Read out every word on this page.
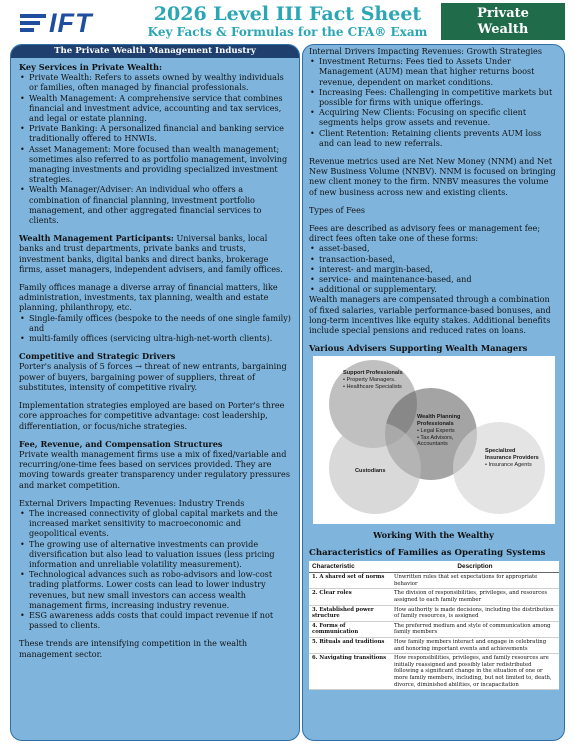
IFT	2026 Level III Fact Sheet
Key Facts & Formulas for the CFA® Exam
Private
Wealth
The Private Wealth Management Industry
Key Services in Private Wealth:
• Private Wealth: Refers to assets owned by wealthy individuals or families, often managed by financial professionals.
• Wealth Management: A comprehensive service that combines financial and investment advice, accounting and tax services, and legal or estate planning.
• Private Banking: A personalized financial and banking service traditionally offered to HNWIs.
• Asset Management: More focused than wealth management; sometimes also referred to as portfolio management, involving managing investments and providing specialized investment strategies.
• Wealth Manager/Adviser: An individual who offers a combination of financial planning, investment portfolio management, and other aggregated financial services to clients.

Wealth Management Participants: Universal banks, local banks and trust departments, private banks and trusts, investment banks, digital banks and direct banks, brokerage firms, asset managers, independent advisers, and family offices.

Family offices manage a diverse array of financial matters, like administration, investments, tax planning, wealth and estate planning, philanthropy, etc.
• Single-family offices (bespoke to the needs of one single family) and
• multi-family offices (servicing ultra-high-net-worth clients).
Competitive and Strategic Drivers

Porter's analysis of 5 forces → threat of new entrants, bargaining power of buyers, bargaining power of suppliers, threat of substitutes, intensity of competitive rivalry.

Implementation strategies employed are based on Porter's three core approaches for competitive advantage: cost leadership, differentiation, or focus/niche strategies.

Fee, Revenue, and Compensation Structures

Private wealth management firms use a mix of fixed/variable and recurring/one-time fees based on services provided. They are moving towards greater transparency under regulatory pressures and market competition.

External Drivers Impacting Revenues: Industry Trends
• The increased connectivity of global capital markets and the increased market sensitivity to macroeconomic and geopolitical events.
• The growing use of alternative investments can provide diversification but also lead to valuation issues (less pricing information and unreliable volatility measurement).
• Technological advances such as robo-advisors and low-cost trading platforms. Lower costs can lead to lower industry revenues, but new small investors can access wealth management firms, increasing industry revenue.
• ESG awareness adds costs that could impact revenue if not passed to clients.

These trends are intensifying competition in the wealth management sector.

Internal Drivers Impacting Revenues: Growth Strategies
• Investment Returns: Fees tied to Assets Under Management (AUM) mean that higher returns boost revenue, dependent on market conditions.
• Increasing Fees: Challenging in competitive markets but possible for firms with unique offerings.
• Acquiring New Clients: Focusing on specific client segments helps grow assets and revenue.
• Client Retention: Retaining clients prevents AUM loss and can lead to new referrals.

Revenue metrics used are Net New Money (NNM) and Net New Business Volume (NNBV). NNM is focused on bringing new client money to the firm. NNBV measures the volume of new business across new and existing clients.

Types of Fees

Fees are described as advisory fees or management fee; direct fees often take one of these forms:
• asset-based,
• transaction-based,
• interest- and margin-based,
• service- and maintenance-based, and
• additional or supplementary.

Wealth managers are compensated through a combination of fixed salaries, variable performance-based bonuses, and long-term incentives like equity stakes. Additional benefits include special pensions and reduced rates on loans.

Various Advisers Supporting Wealth Managers
Support Professionals
• Property Managers.
• Healthcare Specialists
Wealth Planning Professionals
• Legal Experts
• Tax Advisors, Accountants
Specialized Insurance Providers
• Insurance Agents
Custodians
Working With the Wealthy
Characteristics of Families as Operating Systems
Characteristic	Description
1. A shared set of norms	Unwritten rules that set expectations for appropriate behavior
2. Clear roles	The division of responsibilities, privileges, and resources assigned to each family member
3. Established power structure	How authority is made decisions, including the distribution of family resources, is assigned
4. Forms of communication	The preferred medium and style of communication among family members
5. Rituals and traditions	How family members interact and engage in celebrating and honoring important events and achievements
6. Navigating transitions	How responsibilities, privileges, and family resources are initially reassigned and possibly later redistributed following a significant change in the situation of one or more family members, including, but not limited to, death, divorce, diminished abilities, or incapacitation
